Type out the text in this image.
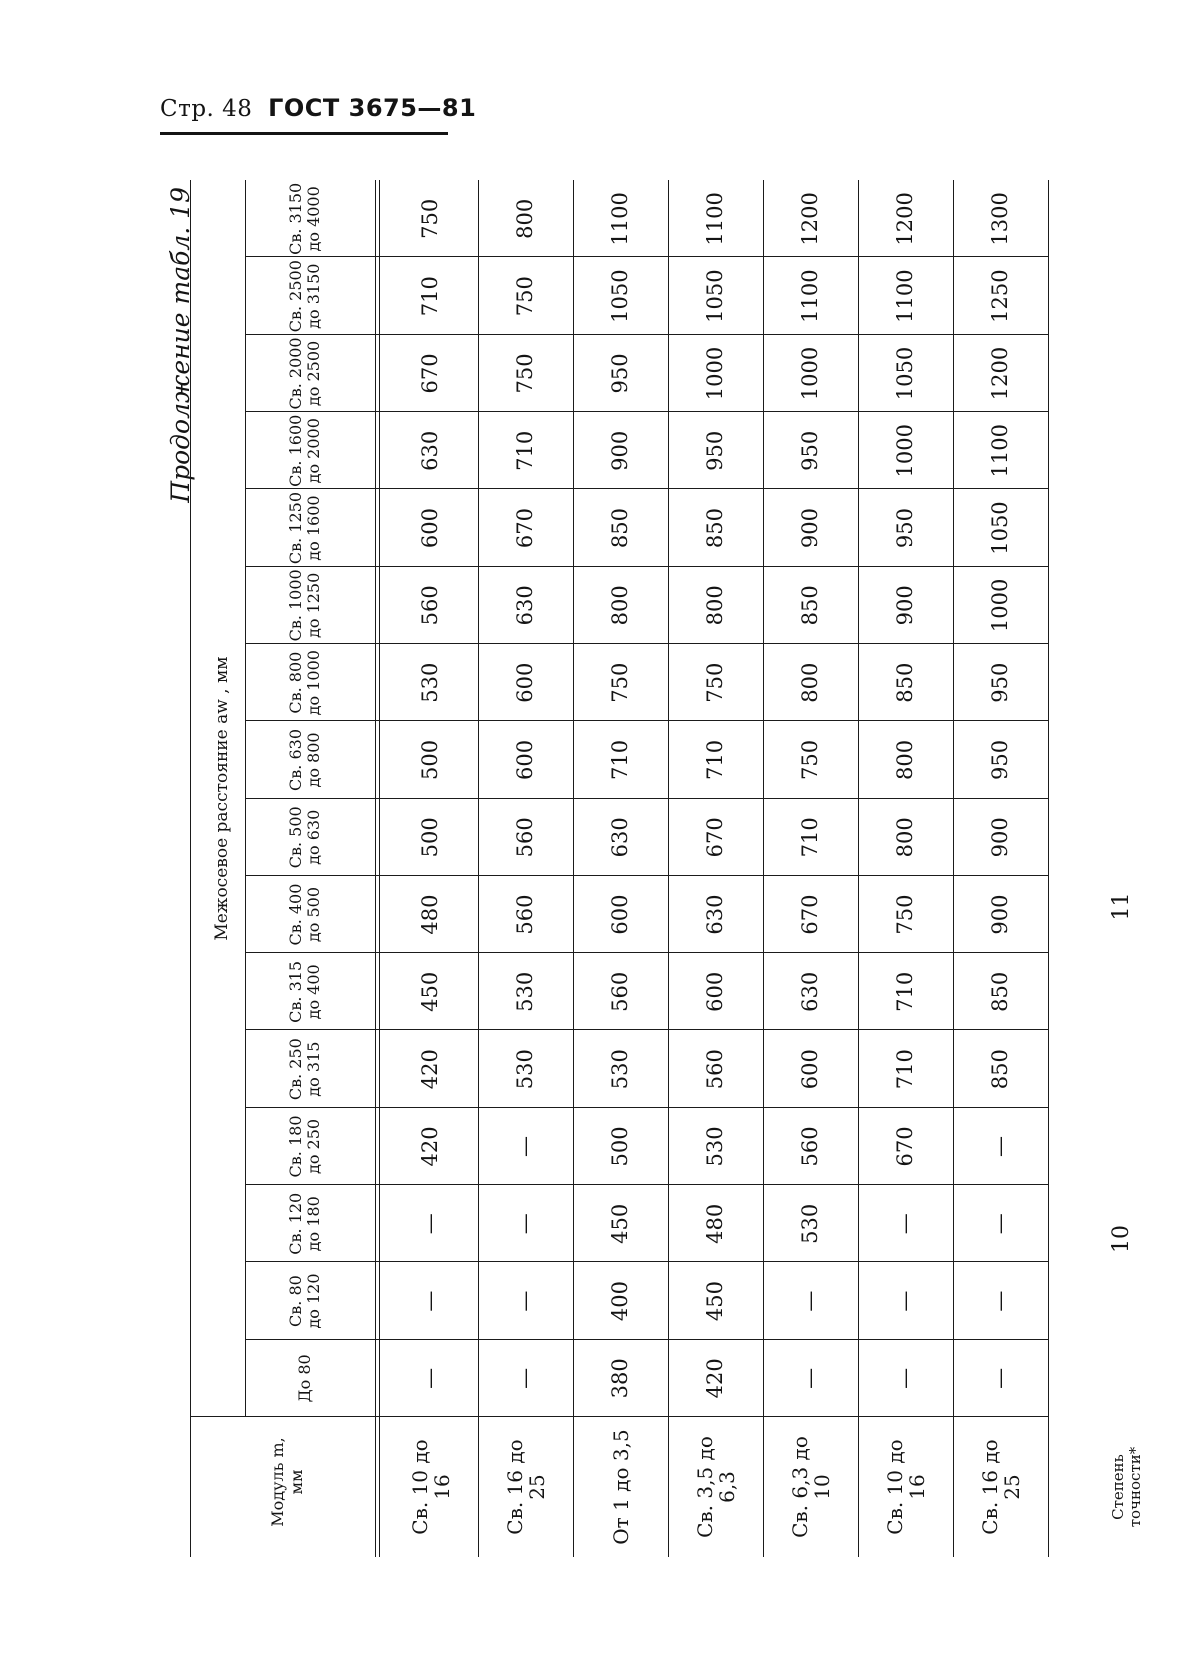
Стр. 48 ГОСТ 3675—81
Продолжение табл. 19
Межосевое расстояние aw , мм
До 80
Св. 80 до 120
Св. 120 до 180
Св. 180 до 250
Св. 250 до 315
Св. 315 до 400
Св. 400 до 500
Св. 500 до 630
Св. 630 до 800
Св. 800 до 1000
Св. 1000 до 1250
Св. 1250 до 1600
Св. 1600 до 2000
Св. 2000 до 2500
Св. 2500 до 3150
Св. 3150 до 4000
Модуль m, мм	Степень точности*
Св. 10 до 16
—
—
—
420
420
450
480
500
500
530
560
600
630
670
710
750
Св. 16 до 25
—
—
—
—
530
530
560
560
600
600
630
670
710
750
750
800
От 1 до 3,5
380
400
450
500
530
560
600
630
710
750
800
850
900
950
1050
1100
Св. 3,5 до 6,3
420
450
480
530
560
600
630
670
710
750
800
850
950
1000
1050
1100
Св. 6,3 до 10
—
—
530
560
600
630
670
710
750
800
850
900
950
1000
1100
1200
Св. 10 до 16
—
—
—
670
710
710
750
800
800
850
900
950
1000
1050
1100
1200
Св. 16 до 25
—
—
—
—
850
850
900
900
950
950
1000
1050
1100
1200
1250
1300
10
11
